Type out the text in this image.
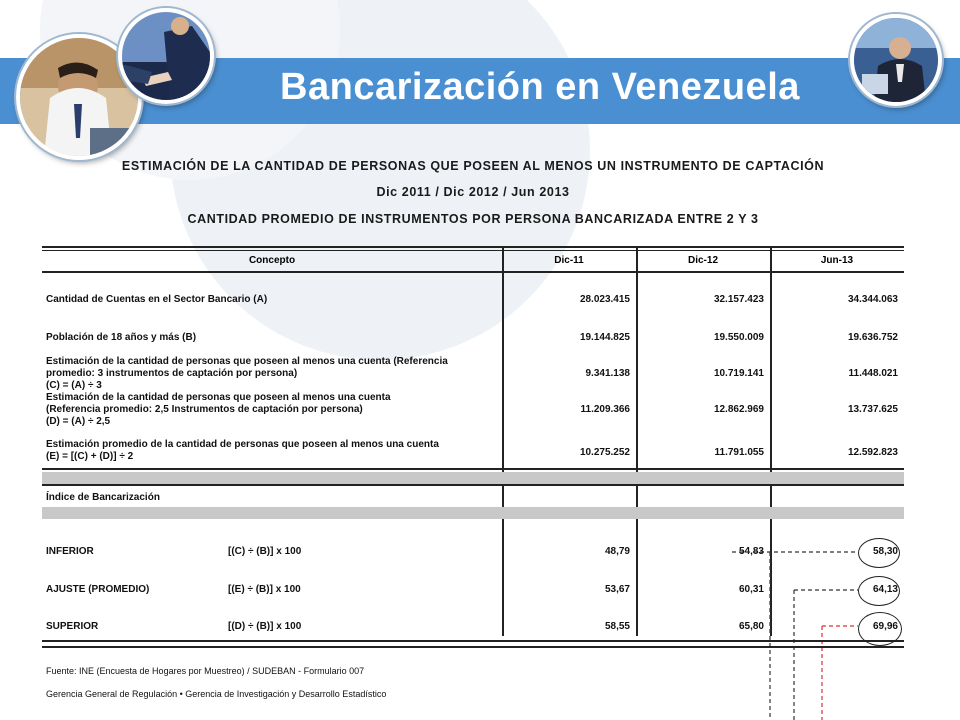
Bancarización en Venezuela
ESTIMACIÓN DE LA CANTIDAD DE PERSONAS QUE POSEEN AL MENOS UN INSTRUMENTO DE CAPTACIÓN
Dic 2011 / Dic 2012 / Jun 2013
CANTIDAD PROMEDIO DE INSTRUMENTOS POR PERSONA BANCARIZADA ENTRE 2 Y 3
Concepto	Dic-11	Dic-12	Jun-13
Cantidad de Cuentas en el Sector Bancario (A)	28.023.415	32.157.423	34.344.063
Población de 18 años y más (B)	19.144.825	19.550.009	19.636.752
Estimación de la cantidad de personas que poseen al menos una cuenta (Referencia
promedio: 3 instrumentos de captación por persona)
(C) = (A) ÷ 3
9.341.138	10.719.141	11.448.021
Estimación de la cantidad de personas que poseen al menos una cuenta
(Referencia promedio: 2,5 Instrumentos de captación por persona)
(D) = (A) ÷ 2,5
11.209.366	12.862.969	13.737.625
Estimación promedio de la cantidad de personas que poseen al menos una cuenta
(E) = [(C) + (D)] ÷ 2	10.275.252	11.791.055	12.592.823
Índice de Bancarización
INFERIOR	[(C) ÷ (B)] x 100	48,79	54,83	58,30
AJUSTE (PROMEDIO)	[(E) ÷ (B)] x 100	53,67	60,31	64,13
SUPERIOR	[(D) ÷ (B)] x 100	58,55	65,80	69,96
Fuente: INE (Encuesta de Hogares por Muestreo) / SUDEBAN - Formulario 007
Gerencia General de Regulación • Gerencia de Investigación y Desarrollo Estadístico
